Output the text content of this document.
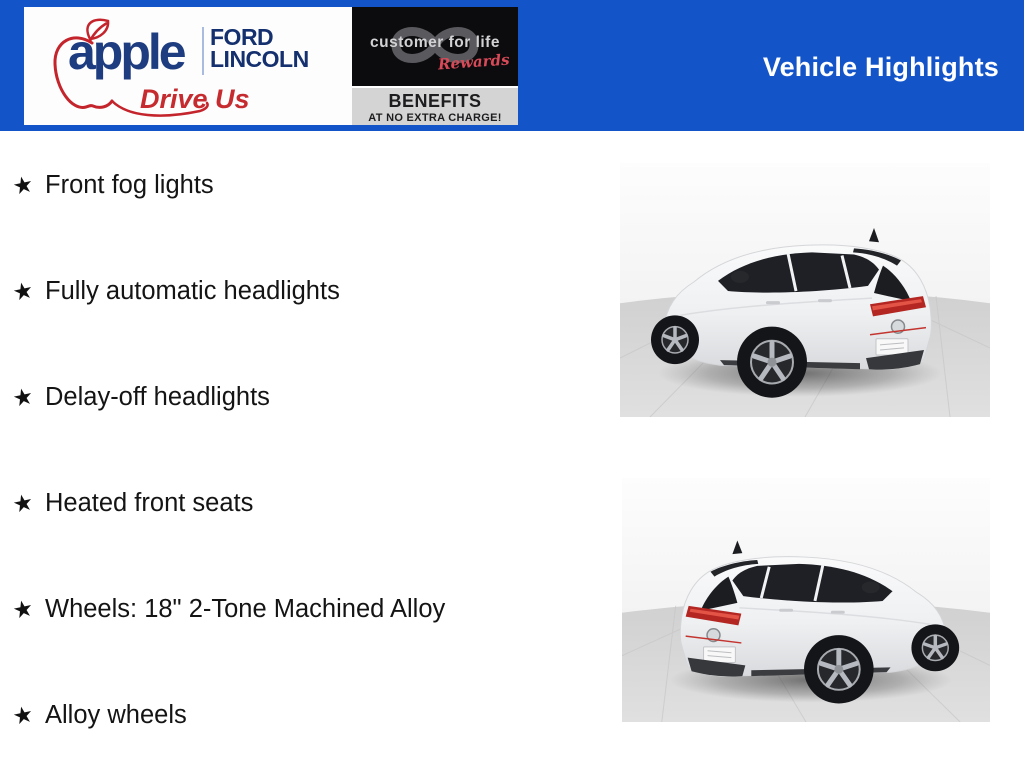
apple FORD
LINCOLN
Drive Us
customer for life
Rewards
BENEFITS
AT NO EXTRA CHARGE!
Vehicle Highlights
★ Front fog lights
★ Fully automatic headlights
★ Delay-off headlights
★ Heated front seats
★ Wheels: 18" 2-Tone Machined Alloy
★ Alloy wheels
